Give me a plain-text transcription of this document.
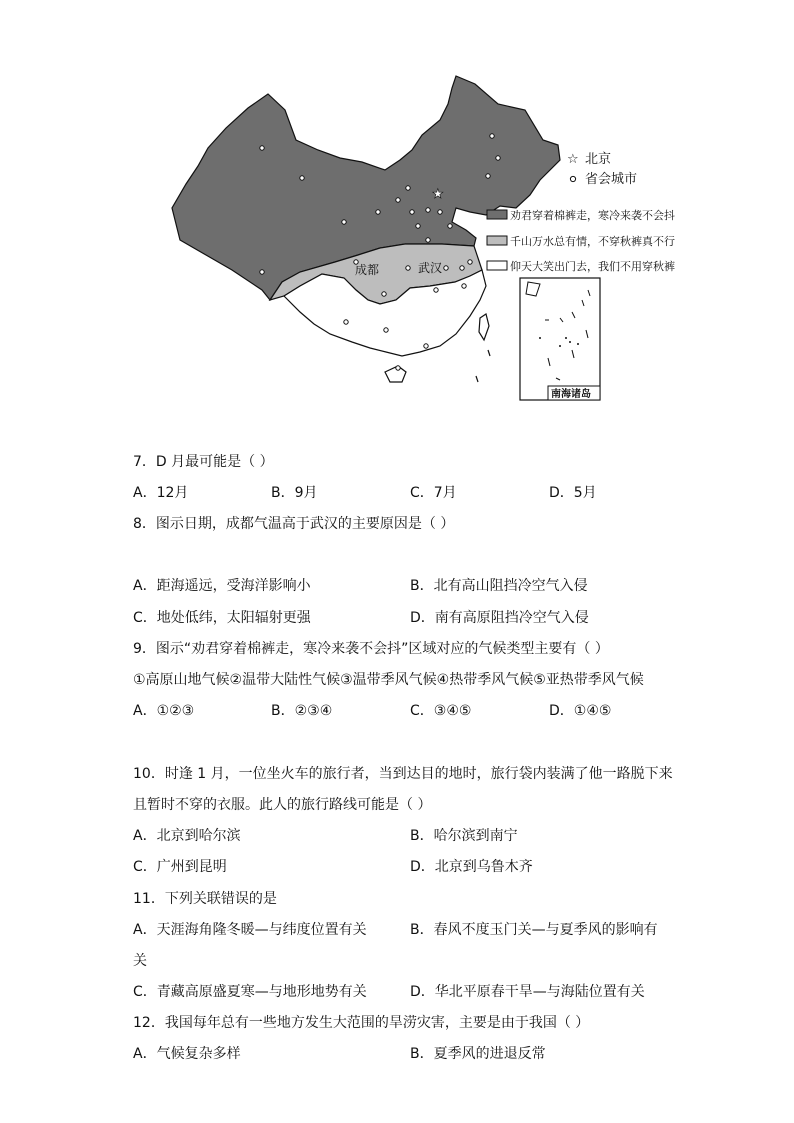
★
成都	武汉
南海诸岛
☆ 北京
省会城市
劝君穿着棉裤走，寒冷来袭不会抖
千山万水总有情，不穿秋裤真不行
仰天大笑出门去，我们不用穿秋裤
7．D 月最可能是（ ）
A．12月	B．9月	C．7月	D．5月
8．图示日期，成都气温高于武汉的主要原因是（ ）
A．距海遥远，受海洋影响小	B．北有高山阻挡冷空气入侵
C．地处低纬，太阳辐射更强	D．南有高原阻挡冷空气入侵
9．图示“劝君穿着棉裤走，寒冷来袭不会抖”区域对应的气候类型主要有（ ）
①高原山地气候②温带大陆性气候③温带季风气候④热带季风气候⑤亚热带季风气候
A．①②③	B．②③④	C．③④⑤	D．①④⑤
10．时逢 1 月，一位坐火车的旅行者，当到达目的地时，旅行袋内装满了他一路脱下来
且暂时不穿的衣服。此人的旅行路线可能是（ ）
A．北京到哈尔滨	B．哈尔滨到南宁
C．广州到昆明	D．北京到乌鲁木齐
11．下列关联错误的是
A．天涯海角隆冬暖—与纬度位置有关	B．春风不度玉门关—与夏季风的影响有
关
C．青藏高原盛夏寒—与地形地势有关	D．华北平原春干旱—与海陆位置有关
12．我国每年总有一些地方发生大范围的旱涝灾害，主要是由于我国（ ）
A．气候复杂多样	B．夏季风的进退反常
